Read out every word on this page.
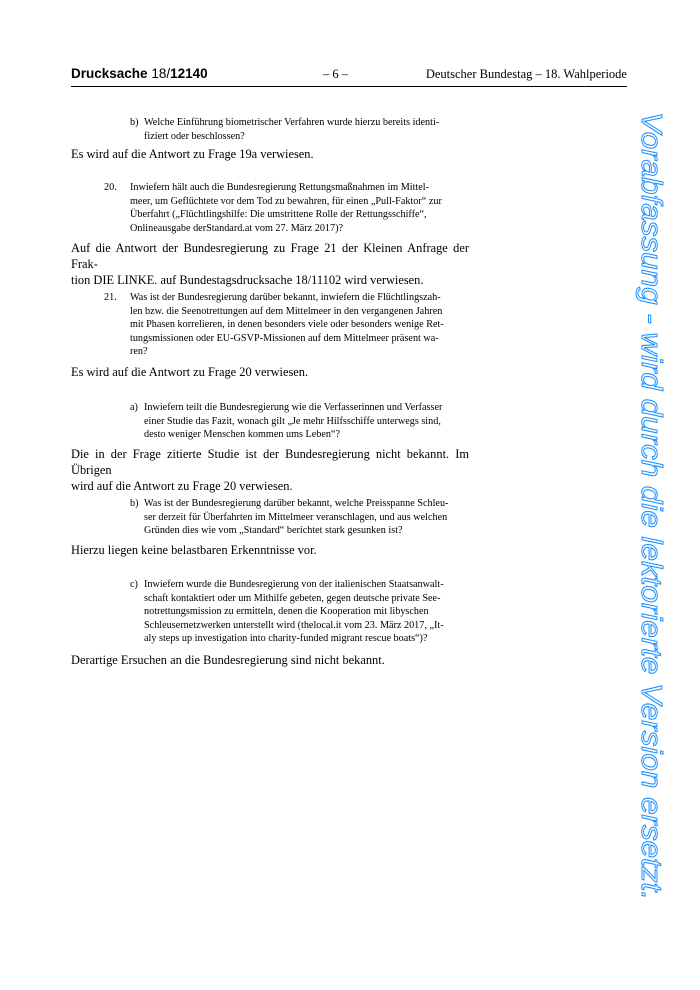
Drucksache 18/12140	– 6 –	Deutscher Bundestag – 18. Wahlperiode
b) Welche Einführung biometrischer Verfahren wurde hierzu bereits identi-
fiziert oder beschlossen?
Es wird auf die Antwort zu Frage 19a verwiesen.
20. Inwiefern hält auch die Bundesregierung Rettungsmaßnahmen im Mittel-
meer, um Geflüchtete vor dem Tod zu bewahren, für einen „Pull-Faktor“ zur
Überfahrt („Flüchtlingshilfe: Die umstrittene Rolle der Rettungsschiffe“,
Onlineausgabe derStandard.at vom 27. März 2017)?
Auf die Antwort der Bundesregierung zu Frage 21 der Kleinen Anfrage der Frak-
tion DIE LINKE. auf Bundestagsdrucksache 18/11102 wird verwiesen.
21. Was ist der Bundesregierung darüber bekannt, inwiefern die Flüchtlingszah-
len bzw. die Seenotrettungen auf dem Mittelmeer in den vergangenen Jahren
mit Phasen korrelieren, in denen besonders viele oder besonders wenige Ret-
tungsmissionen oder EU-GSVP-Missionen auf dem Mittelmeer präsent wa-
ren?
Es wird auf die Antwort zu Frage 20 verwiesen.
a) Inwiefern teilt die Bundesregierung wie die Verfasserinnen und Verfasser
einer Studie das Fazit, wonach gilt „Je mehr Hilfsschiffe unterwegs sind,
desto weniger Menschen kommen ums Leben“?
Die in der Frage zitierte Studie ist der Bundesregierung nicht bekannt. Im Übrigen
wird auf die Antwort zu Frage 20 verwiesen.
b) Was ist der Bundesregierung darüber bekannt, welche Preisspanne Schleu-
ser derzeit für Überfahrten im Mittelmeer veranschlagen, und aus welchen
Gründen dies wie vom „Standard“ berichtet stark gesunken ist?
Hierzu liegen keine belastbaren Erkenntnisse vor.
c) Inwiefern wurde die Bundesregierung von der italienischen Staatsanwalt-
schaft kontaktiert oder um Mithilfe gebeten, gegen deutsche private See-
notrettungsmission zu ermitteln, denen die Kooperation mit libyschen
Schleusernetzwerken unterstellt wird (thelocal.it vom 23. März 2017, „It-
aly steps up investigation into charity-funded migrant rescue boats“)?
Derartige Ersuchen an die Bundesregierung sind nicht bekannt.	Vorabfassung - wird durch die lektorierte Version ersetzt.
